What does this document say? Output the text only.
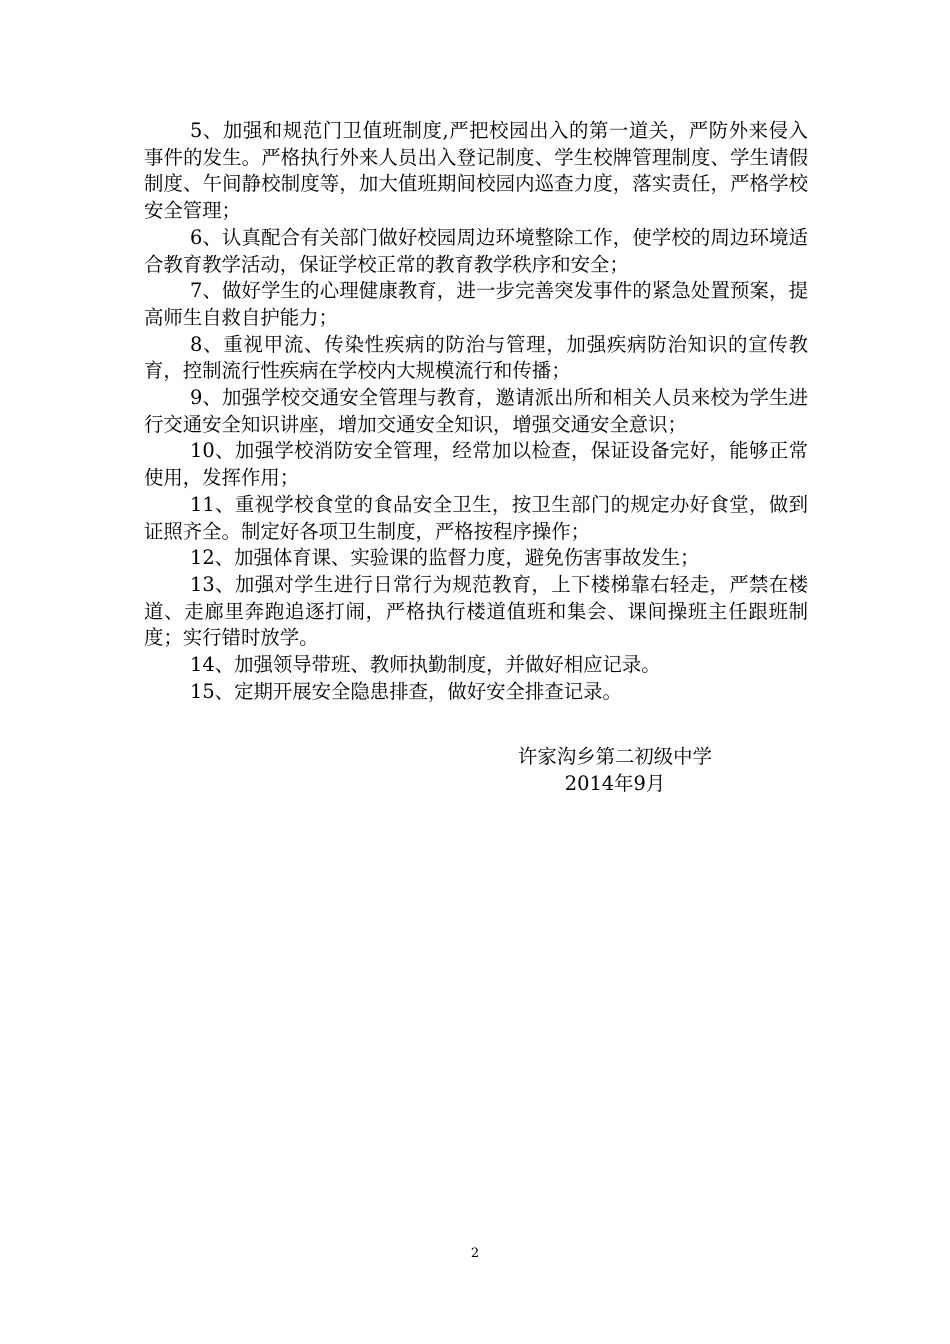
5、加强和规范门卫值班制度,严把校园出入的第一道关，严防外来侵入事件的发生。严格执行外来人员出入登记制度、学生校牌管理制度、学生请假制度、午间静校制度等，加大值班期间校园内巡查力度，落实责任，严格学校安全管理；

6、认真配合有关部门做好校园周边环境整除工作，使学校的周边环境适合教育教学活动，保证学校正常的教育教学秩序和安全；

7、做好学生的心理健康教育，进一步完善突发事件的紧急处置预案，提高师生自救自护能力；

8、重视甲流、传染性疾病的防治与管理，加强疾病防治知识的宣传教育，控制流行性疾病在学校内大规模流行和传播；

9、加强学校交通安全管理与教育，邀请派出所和相关人员来校为学生进行交通安全知识讲座，增加交通安全知识，增强交通安全意识；

10、加强学校消防安全管理，经常加以检查，保证设备完好，能够正常使用，发挥作用；

11、重视学校食堂的食品安全卫生，按卫生部门的规定办好食堂，做到证照齐全。制定好各项卫生制度，严格按程序操作；

12、加强体育课、实验课的监督力度，避免伤害事故发生；

13、加强对学生进行日常行为规范教育，上下楼梯靠右轻走，严禁在楼道、走廊里奔跑追逐打闹，严格执行楼道值班和集会、课间操班主任跟班制度；实行错时放学。

14、加强领导带班、教师执勤制度，并做好相应记录。

15、定期开展安全隐患排查，做好安全排查记录。

许家沟乡第二初级中学
2014年9月
2
